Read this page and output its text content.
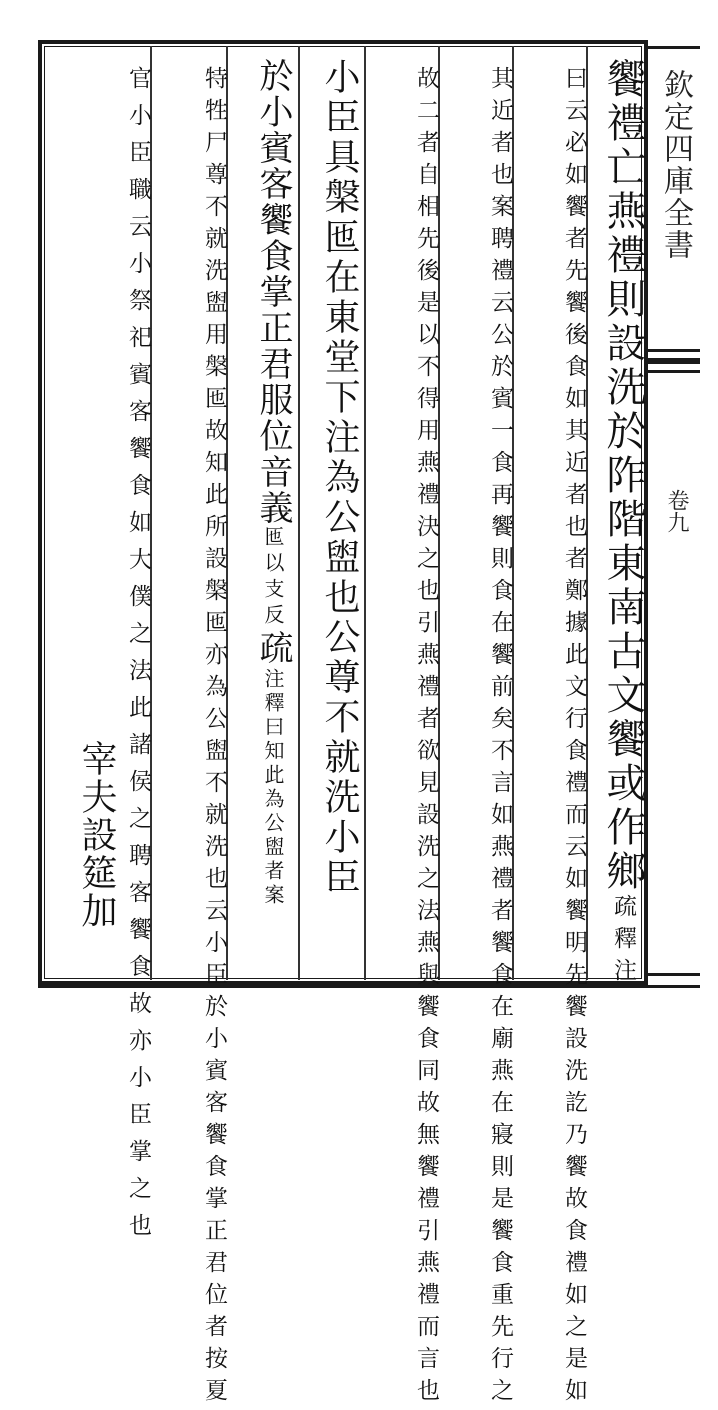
欽定四庫全書
卷九
饗禮亡燕禮則設洗於阼階東南古文饗或作鄉疏釋注
曰云必如饗者先饗後食如其近者也者鄭據此文行食禮而云如饗明先饗設洗訖乃饗故食禮如之是如
其近者也案聘禮云公於賓一食再饗則食在饗前矣不言如燕禮者饗食在廟燕在寢則是饗食重先行之
故二者自相先後是以不得用燕禮決之也引燕禮者欲見設洗之法燕與饗食同故無饗禮引燕禮而言也
小臣具槃匜在東堂下注為公盥也公尊不就洗小臣
於小賓客饗食掌正君服位音義匜以支反疏注釋曰知此為公盥者案
特牲尸尊不就洗盥用槃匜故知此所設槃匜亦為公盥不就洗也云小臣於小賓客饗食掌正君位者按夏
官小臣職云小祭祀賓客饗食如大僕之法此諸侯之聘客饗食故亦小臣掌之也
宰夫設筵加
